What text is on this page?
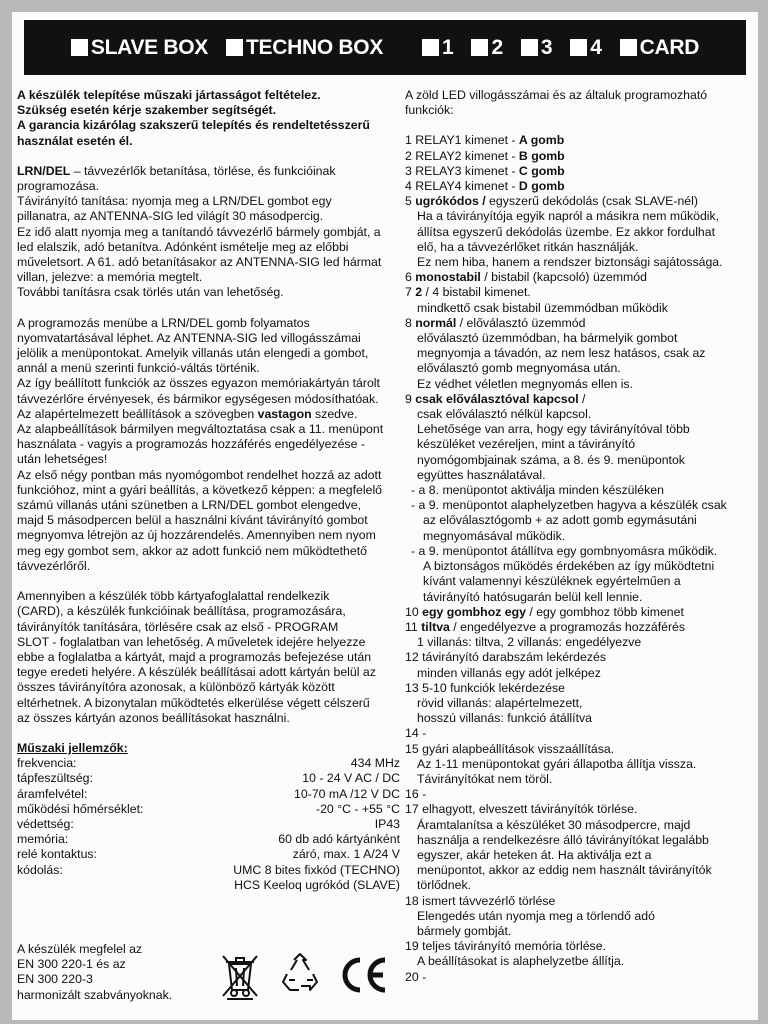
SLAVE BOX TECHNO BOX	1 2 3 4 CARD

A készülék telepítése műszaki jártasságot feltételez.

Szükség esetén kérje szakember segítségét.

A garancia kizárólag szakszerű telepítés és rendeltetésszerű

használat esetén él.

LRN/DEL – távvezérlők betanítása, törlése, és funkcióinak

programozása.

Távirányító tanítása: nyomja meg a LRN/DEL gombot egy

pillanatra, az ANTENNA-SIG led világít 30 másodpercig.

Ez idő alatt nyomja meg a tanítandó távvezérlő bármely gombját, a

led elalszik, adó betanítva. Adónként ismételje meg az előbbi

műveletsort. A 61. adó betanításakor az ANTENNA-SIG led hármat

villan, jelezve: a memória megtelt.

További tanításra csak törlés után van lehetőség.

A programozás menübe a LRN/DEL gomb folyamatos

nyomvatartásával léphet. Az ANTENNA-SIG led villogásszámai

jelölik a menüpontokat. Amelyik villanás után elengedi a gombot,

annál a menü szerinti funkció-váltás történik.

Az így beállított funkciók az összes egyazon memóriakártyán tárolt

távvezérlőre érvényesek, és bármikor egységesen módosíthatóak.

Az alapértelmezett beállítások a szövegben vastagon szedve.

Az alapbeállítások bármilyen megváltoztatása csak a 11. menüpont

használata - vagyis a programozás hozzáférés engedélyezése -

után lehetséges!

Az első négy pontban más nyomógombot rendelhet hozzá az adott

funkcióhoz, mint a gyári beállítás, a következő képpen: a megfelelő

számú villanás utáni szünetben a LRN/DEL gombot elengedve,

majd 5 másodpercen belül a használni kívánt távirányító gombot

megnyomva létrejön az új hozzárendelés. Amennyiben nem nyom

meg egy gombot sem, akkor az adott funkció nem működtethető

távvezérlőről.

Amennyiben a készülék több kártyafoglalattal rendelkezik

(CARD), a készülék funkcióinak beállítása, programozására,

távirányítók tanítására, törlésére csak az első - PROGRAM

SLOT - foglalatban van lehetőség. A műveletek idejére helyezze

ebbe a foglalatba a kártyát, majd a programozás befejezése után

tegye eredeti helyére. A készülék beállításai adott kártyán belül az

összes távirányítóra azonosak, a különböző kártyák között

eltérhetnek. A bizonytalan működtetés elkerülése végett célszerű

az összes kártyán azonos beállításokat használni.

Műszaki jellemzők:

frekvencia:	434 MHz
tápfeszültség:	10 - 24 V AC / DC
áramfelvétel:	10-70 mA /12 V DC
működési hőmérséklet:	-20 °C - +55 °C
védettség:	IP43
memória:	60 db adó kártyánként
relé kontaktus:	záró, max. 1 A/24 V
kódolás:	UMC 8 bites fixkód (TECHNO)
HCS Keeloq ugrókód (SLAVE)

A készülék megfelel az

EN 300 220-1 és az

EN 300 220-3

harmonizált szabványoknak.

A zöld LED villogásszámai és az általuk programozható

funkciók:

1 RELAY1 kimenet - A gomb

2 RELAY2 kimenet - B gomb

3 RELAY3 kimenet - C gomb

4 RELAY4 kimenet - D gomb

5 ugrókódos / egyszerű dekódolás (csak SLAVE-nél)

Ha a távirányítója egyik napról a másikra nem működik,

állítsa egyszerű dekódolás üzembe. Ez akkor fordulhat

elő, ha a távvezérlőket ritkán használják.

Ez nem hiba, hanem a rendszer biztonsági sajátossága.

6 monostabil / bistabil (kapcsoló) üzemmód

7 2 / 4 bistabil kimenet.

mindkettő csak bistabil üzemmódban működik

8 normál / előválasztó üzemmód

előválasztó üzemmódban, ha bármelyik gombot

megnyomja a távadón, az nem lesz hatásos, csak az

előválasztó gomb megnyomása után.

Ez védhet véletlen megnyomás ellen is.

9 csak előválasztóval kapcsol /

csak előválasztó nélkül kapcsol.

Lehetősége van arra, hogy egy távirányítóval több

készüléket vezéreljen, mint a távirányító

nyomógombjainak száma, a 8. és 9. menüpontok

együttes használatával.

- a 8. menüpontot aktiválja minden készüléken

- a 9. menüpontot alaphelyzetben hagyva a készülék csak

az előválasztógomb + az adott gomb egymásutáni

megnyomásával működik.

- a 9. menüpontot átállítva egy gombnyomásra működik.

A biztonságos működés érdekében az így működtetni

kívánt valamennyi készüléknek egyértelműen a

távirányító hatósugarán belül kell lennie.

10 egy gombhoz egy / egy gombhoz több kimenet

11 tiltva / engedélyezve a programozás hozzáférés

1 villanás: tiltva, 2 villanás: engedélyezve

12 távirányító darabszám lekérdezés

minden villanás egy adót jelképez

13 5-10 funkciók lekérdezése

rövid villanás: alapértelmezett,

hosszú villanás: funkció átállítva

14 -

15 gyári alapbeállítások visszaállítása.

Az 1-11 menüpontokat gyári állapotba állítja vissza.

Távirányítókat nem töröl.

16 -

17 elhagyott, elveszett távirányítók törlése.

Áramtalanítsa a készüléket 30 másodpercre, majd

használja a rendelkezésre álló távirányítókat legalább

egyszer, akár heteken át. Ha aktiválja ezt a

menüpontot, akkor az eddig nem használt távirányítók

törlődnek.

18 ismert távvezérlő törlése

Elengedés után nyomja meg a törlendő adó

bármely gombját.

19 teljes távirányító memória törlése.

A beállításokat is alaphelyzetbe állítja.

20 -
